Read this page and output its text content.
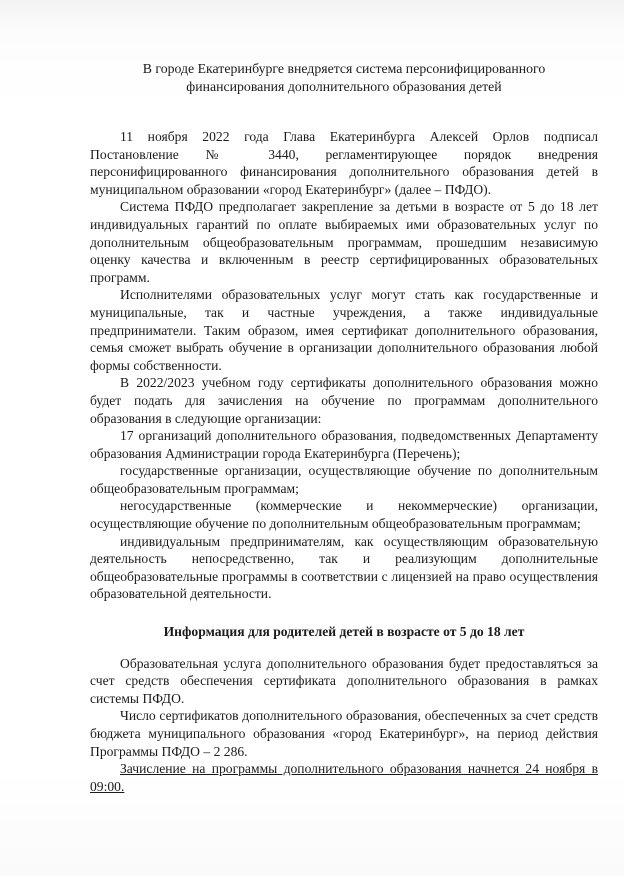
В городе Екатеринбурге внедряется система персонифицированного
финансирования дополнительного образования детей

11 ноября 2022 года Глава Екатеринбурга Алексей Орлов подписал Постановление № 3440, регламентирующее порядок внедрения персонифицированного финансирования дополнительного образования детей в муниципальном образовании «город Екатеринбург» (далее – ПФДО).

Система ПФДО предполагает закрепление за детьми в возрасте от 5 до 18 лет индивидуальных гарантий по оплате выбираемых ими образовательных услуг по дополнительным общеобразовательным программам, прошедшим независимую оценку качества и включенным в реестр сертифицированных образовательных программ.

Исполнителями образовательных услуг могут стать как государственные и муниципальные, так и частные учреждения, а также индивидуальные предприниматели. Таким образом, имея сертификат дополнительного образования, семья сможет выбрать обучение в организации дополнительного образования любой формы собственности.

В 2022/2023 учебном году сертификаты дополнительного образования можно будет подать для зачисления на обучение по программам дополнительного образования в следующие организации:

17 организаций дополнительного образования, подведомственных Департаменту образования Администрации города Екатеринбурга (Перечень);

государственные организации, осуществляющие обучение по дополнительным общеобразовательным программам;

негосударственные (коммерческие и некоммерческие) организации, осуществляющие обучение по дополнительным общеобразовательным программам;

индивидуальным предпринимателям, как осуществляющим образовательную деятельность непосредственно, так и реализующим дополнительные общеобразовательные программы в соответствии с лицензией на право осуществления образовательной деятельности.

Информация для родителей детей в возрасте от 5 до 18 лет

Образовательная услуга дополнительного образования будет предоставляться за счет средств обеспечения сертификата дополнительного образования в рамках системы ПФДО.

Число сертификатов дополнительного образования, обеспеченных за счет средств бюджета муниципального образования «город Екатеринбург», на период действия Программы ПФДО – 2 286.

Зачисление на программы дополнительного образования начнется 24 ноября в 09:00.
